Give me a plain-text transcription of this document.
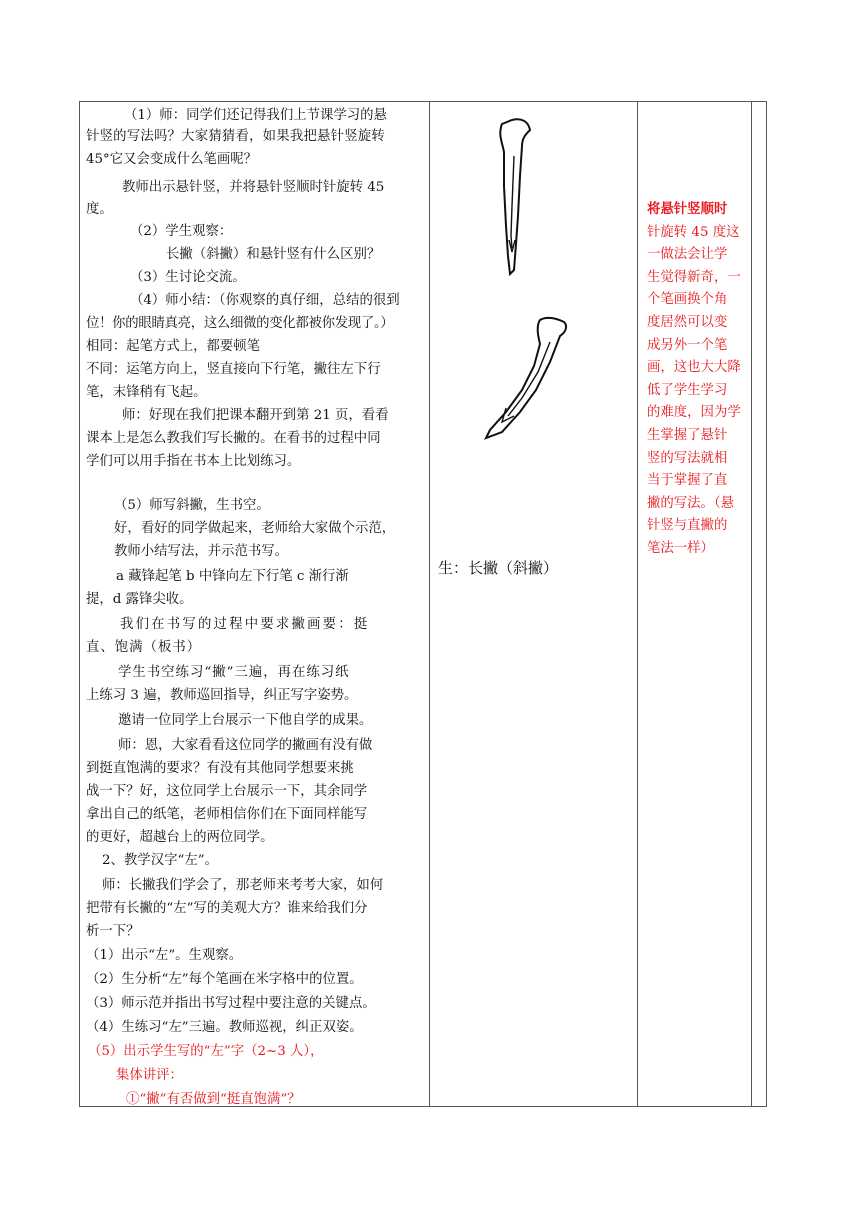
（1）师：同学们还记得我们上节课学习的悬
针竖的写法吗？大家猜猜看，如果我把悬针竖旋转
45°它又会变成什么笔画呢？
教师出示悬针竖，并将悬针竖顺时针旋转 45
度。
（2）学生观察：
长撇（斜撇）和悬针竖有什么区别？
（3）生讨论交流。
（4）师小结：（你观察的真仔细，总结的很到
位！你的眼睛真亮，这么细微的变化都被你发现了。）
相同：起笔方式上，都要顿笔
不同：运笔方向上，竖直接向下行笔，撇往左下行
笔，末锋稍有飞起。
师：好现在我们把课本翻开到第 21 页，看看
课本上是怎么教我们写长撇的。在看书的过程中同
学们可以用手指在书本上比划练习。
（5）师写斜撇，生书空。
好，看好的同学做起来，老师给大家做个示范，
教师小结写法，并示范书写。
a 藏锋起笔 b 中锋向左下行笔 c 渐行渐
提，d 露锋尖收。
我们在书写的过程中要求撇画要：挺
直、饱满（板书）
学生书空练习“撇”三遍，再在练习纸
上练习 3 遍，教师巡回指导，纠正写字姿势。
邀请一位同学上台展示一下他自学的成果。
师：恩，大家看看这位同学的撇画有没有做
到挺直饱满的要求？有没有其他同学想要来挑
战一下？好，这位同学上台展示一下，其余同学
拿出自己的纸笔，老师相信你们在下面同样能写
的更好，超越台上的两位同学。
2、教学汉字“左”。
师：长撇我们学会了，那老师来考考大家，如何
把带有长撇的“左”写的美观大方？谁来给我们分
析一下？
（1）出示“左”。生观察。
（2）生分析“左”每个笔画在米字格中的位置。
（3）师示范并指出书写过程中要注意的关键点。
（4）生练习“左”三遍。教师巡视，纠正双姿。
（5）出示学生写的“左”字（2~3 人），
集体讲评：
①“撇”有否做到“挺直饱满”？
生：长撇（斜撇）
将悬针竖顺时
针旋转 45 度这
一做法会让学
生觉得新奇，一
个笔画换个角
度居然可以变
成另外一个笔
画，这也大大降
低了学生学习
的难度，因为学
生掌握了悬针
竖的写法就相
当于掌握了直
撇的写法。（悬
针竖与直撇的
笔法一样）
